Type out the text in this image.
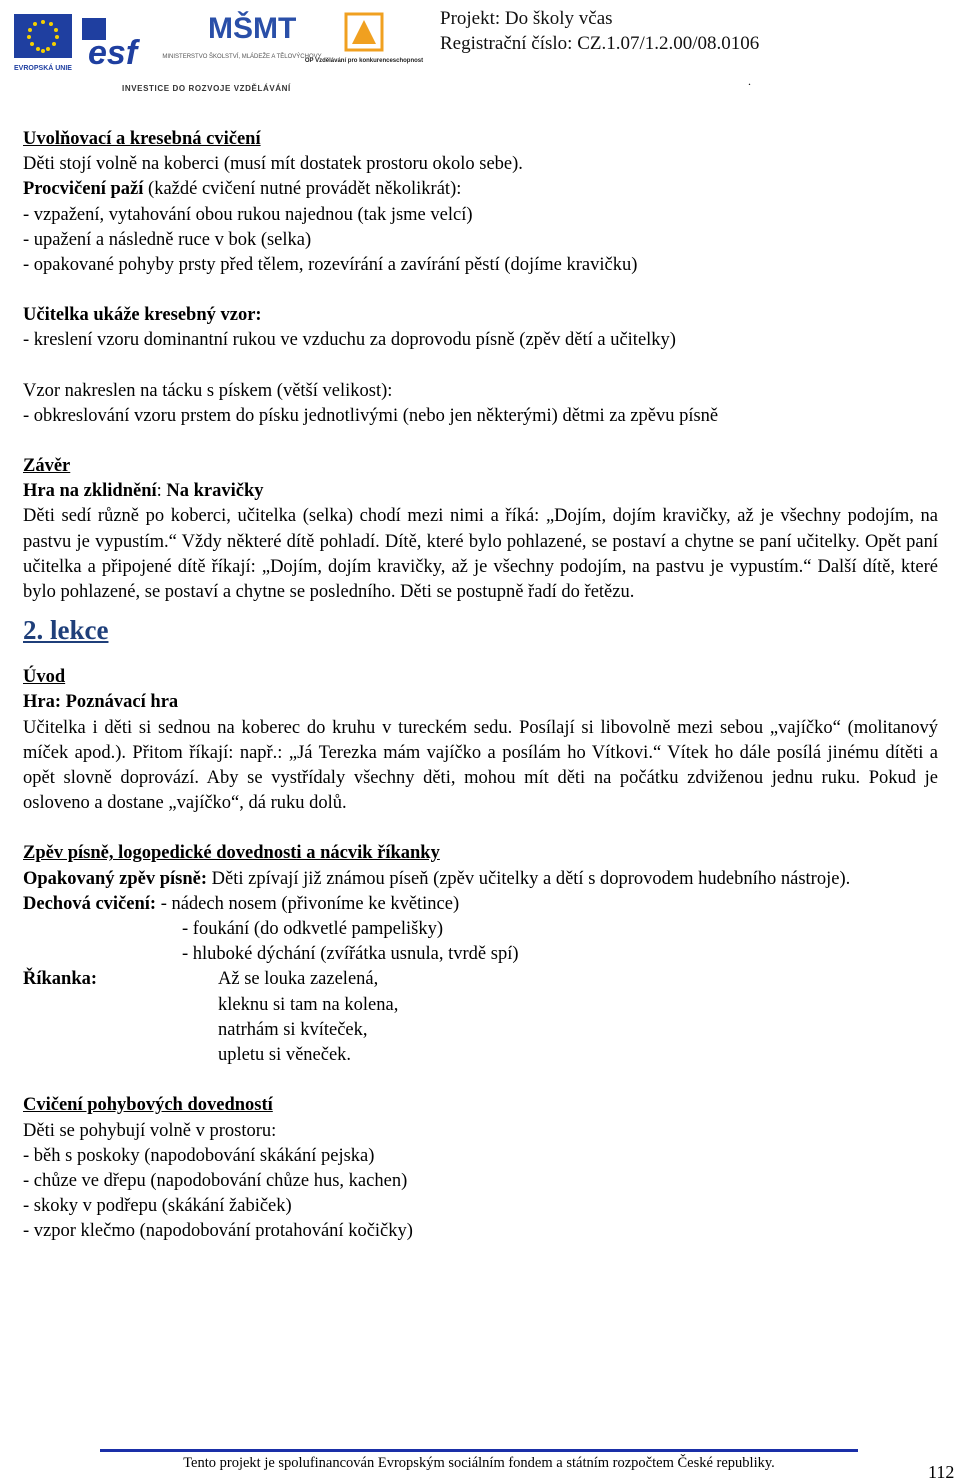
EVROPSKÁ UNIE esf
MŠMT
MINISTERSTVO ŠKOLSTVÍ, MLÁDEŽE A TĚLOVÝCHOVY
OP Vzdělávání pro konkurenceschopnost
INVESTICE DO ROZVOJE VZDĚLÁVÁNÍ
Projekt: Do školy včas
Registrační číslo: CZ.1.07/1.2.00/08.0106
.

Uvolňovací a kresebná cvičení

Děti stojí volně na koberci (musí mít dostatek prostoru okolo sebe).

Procvičení paží (každé cvičení nutné provádět několikrát):

- vzpažení, vytahování obou rukou najednou (tak jsme velcí)

- upažení a následně ruce v bok (selka)

- opakované pohyby prsty před tělem, rozevírání a zavírání pěstí (dojíme kravičku)

Učitelka ukáže kresebný vzor:

- kreslení vzoru dominantní rukou ve vzduchu za doprovodu písně (zpěv dětí a učitelky)

Vzor nakreslen na tácku s pískem (větší velikost):

- obkreslování vzoru prstem do písku jednotlivými (nebo jen některými) dětmi za zpěvu písně

Závěr

Hra na zklidnění: Na kravičky

Děti sedí různě po koberci, učitelka (selka) chodí mezi nimi a říká: „Dojím, dojím kravičky, až je všechny podojím, na pastvu je vypustím.“ Vždy některé dítě pohladí. Dítě, které bylo pohlazené, se postaví a chytne se paní učitelky. Opět paní učitelka a připojené dítě říkají: „Dojím, dojím kravičky, až je všechny podojím, na pastvu je vypustím.“ Další dítě, které bylo pohlazené, se postaví a chytne se posledního. Děti se postupně řadí do řetězu.

2. lekce

Úvod

Hra: Poznávací hra

Učitelka i děti si sednou na koberec do kruhu v tureckém sedu. Posílají si libovolně mezi sebou „vajíčko“ (molitanový míček apod.). Přitom říkají: např.: „Já Terezka mám vajíčko a posílám ho Vítkovi.“ Vítek ho dále posílá jinému dítěti a opět slovně doprovází. Aby se vystřídaly všechny děti, mohou mít děti na počátku zdviženou jednu ruku. Pokud je osloveno a dostane „vajíčko“, dá ruku dolů.

Zpěv písně, logopedické dovednosti a nácvik říkanky

Opakovaný zpěv písně: Děti zpívají již známou píseň (zpěv učitelky a dětí s doprovodem hudebního nástroje).

Dechová cvičení: - nádech nosem (přivoníme ke květince)

- foukání (do odkvetlé pampelišky)

- hluboké dýchání (zvířátka usnula, tvrdě spí)

Říkanka:	Až se louka zazelená,

kleknu si tam na kolena,

natrhám si kvíteček,

upletu si věneček.

Cvičení pohybových dovedností

Děti se pohybují volně v prostoru:

- běh s poskoky (napodobování skákání pejska)

- chůze ve dřepu (napodobování chůze hus, kachen)

- skoky v podřepu (skákání žabiček)

- vzpor klečmo (napodobování protahování kočičky)

Tento projekt je spolufinancován Evropským sociálním fondem a státním rozpočtem České republiky.	112
